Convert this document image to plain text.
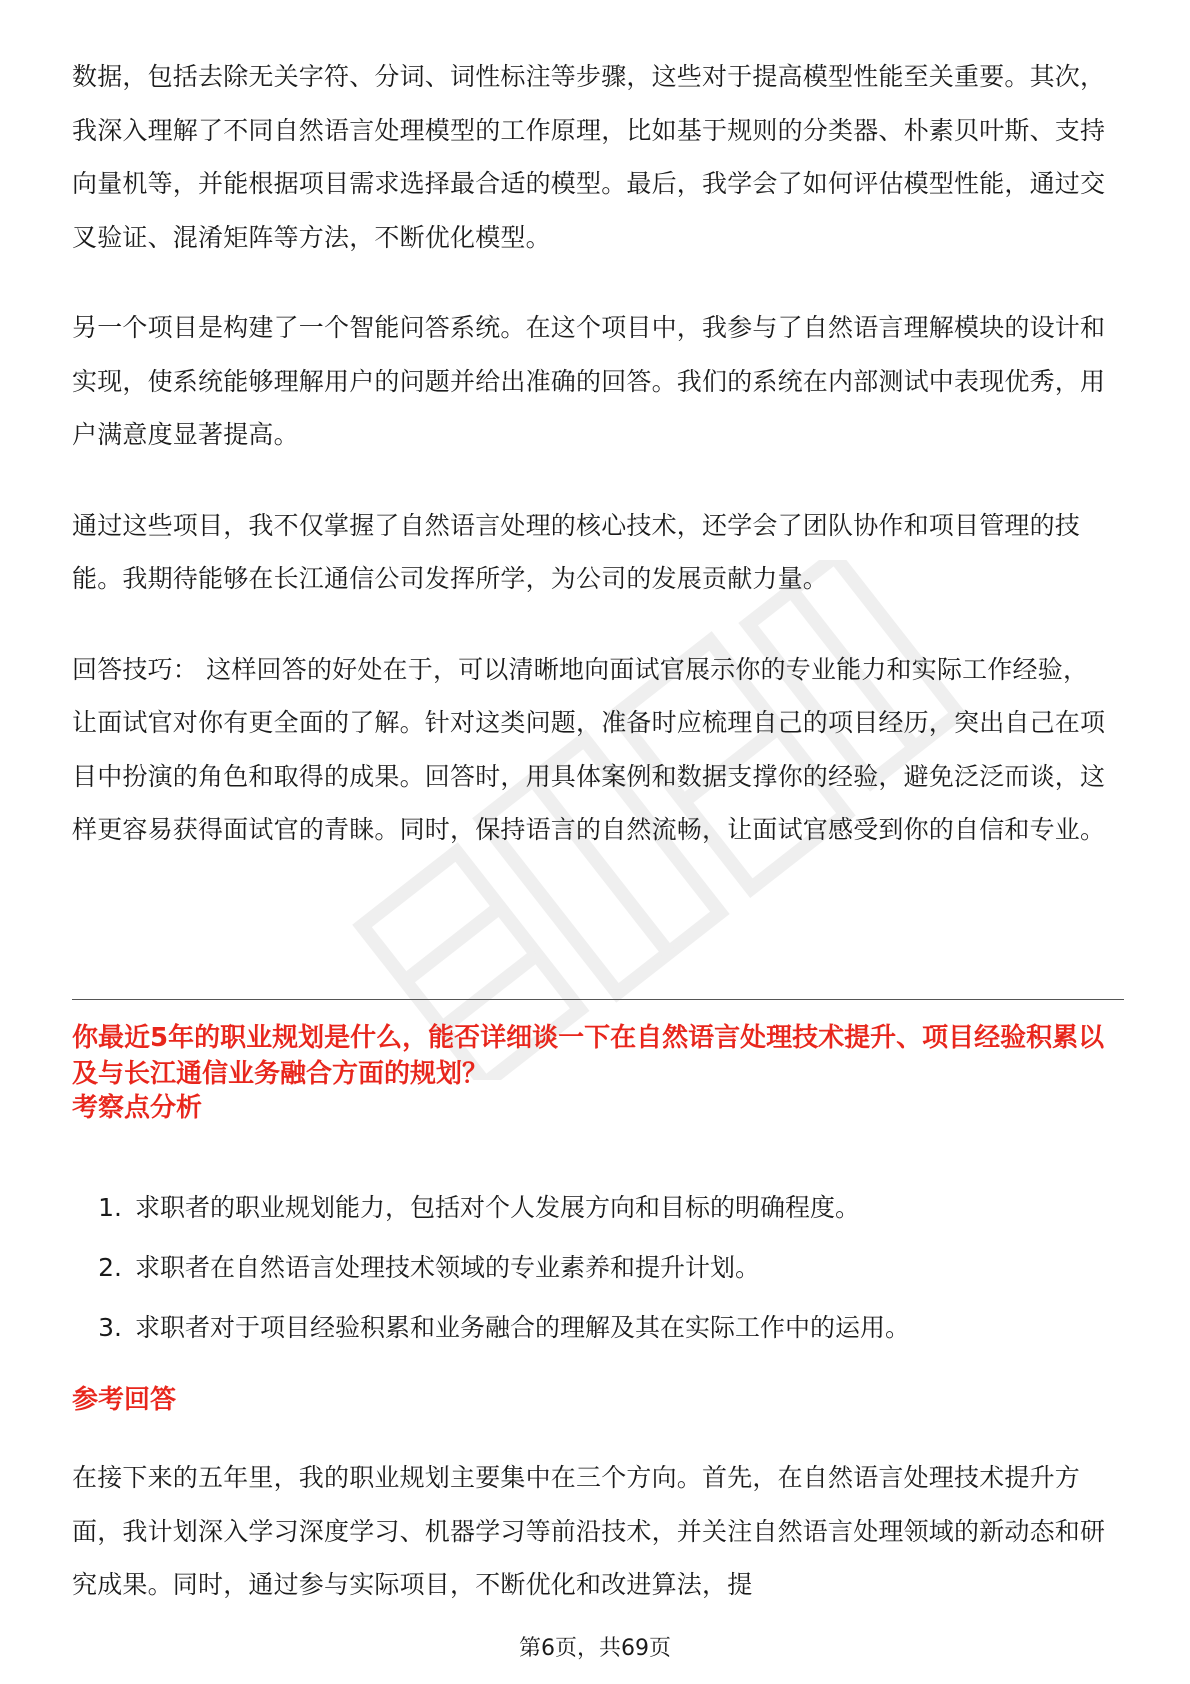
数据，包括去除无关字符、分词、词性标注等步骤，这些对于提高模型性能至关重要。其次，我深入理解了不同自然语言处理模型的工作原理，比如基于规则的分类器、朴素贝叶斯、支持向量机等，并能根据项目需求选择最合适的模型。最后，我学会了如何评估模型性能，通过交叉验证、混淆矩阵等方法，不断优化模型。

另一个项目是构建了一个智能问答系统。在这个项目中，我参与了自然语言理解模块的设计和实现，使系统能够理解用户的问题并给出准确的回答。我们的系统在内部测试中表现优秀，用户满意度显著提高。

通过这些项目，我不仅掌握了自然语言处理的核心技术，还学会了团队协作和项目管理的技能。我期待能够在长江通信公司发挥所学，为公司的发展贡献力量。

回答技巧： 这样回答的好处在于，可以清晰地向面试官展示你的专业能力和实际工作经验，让面试官对你有更全面的了解。针对这类问题，准备时应梳理自己的项目经历，突出自己在项目中扮演的角色和取得的成果。回答时，用具体案例和数据支撑你的经验，避免泛泛而谈，这样更容易获得面试官的青睐。同时，保持语言的自然流畅，让面试官感受到你的自信和专业。

你最近5年的职业规划是什么，能否详细谈一下在自然语言处理技术提升、项目经验积累以及与长江通信业务融合方面的规划？

考察点分析

1. 求职者的职业规划能力，包括对个人发展方向和目标的明确程度。
2. 求职者在自然语言处理技术领域的专业素养和提升计划。
3. 求职者对于项目经验积累和业务融合的理解及其在实际工作中的运用。

参考回答

在接下来的五年里，我的职业规划主要集中在三个方向。首先，在自然语言处理技术提升方面，我计划深入学习深度学习、机器学习等前沿技术，并关注自然语言处理领域的新动态和研究成果。同时，通过参与实际项目，不断优化和改进算法，提

第6页，共69页
